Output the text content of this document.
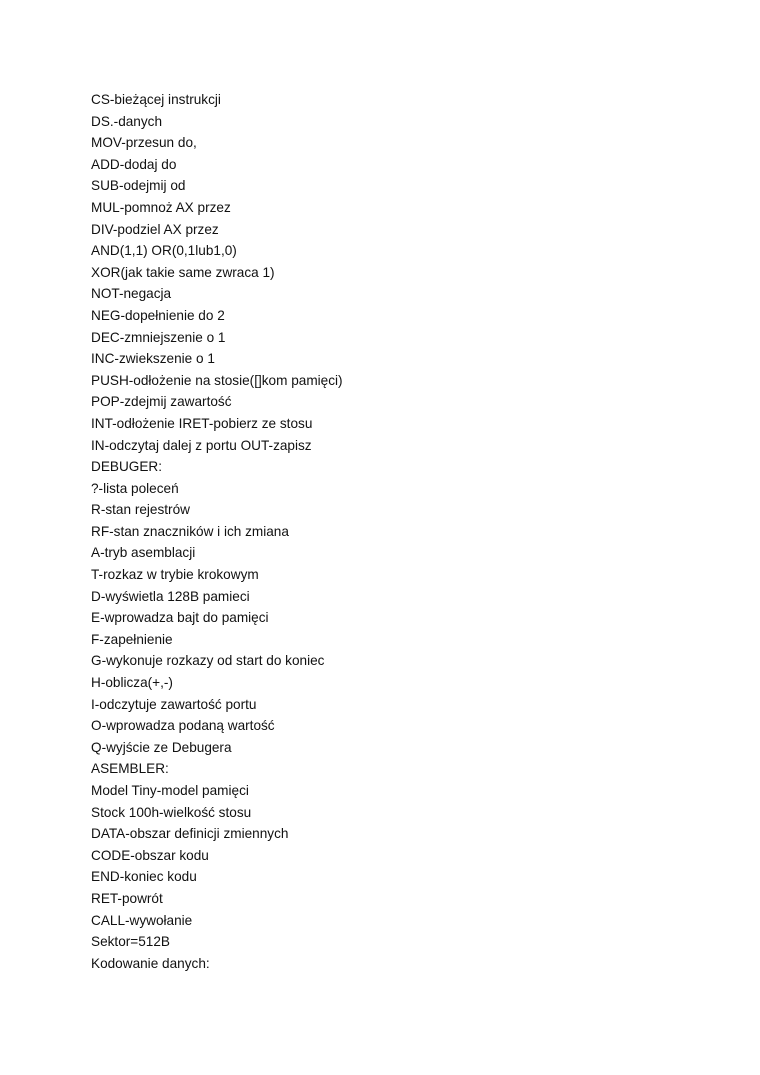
CS-bieżącej instrukcji
DS.-danych
MOV-przesun do,
ADD-dodaj do
SUB-odejmij od
MUL-pomnoż AX przez
DIV-podziel AX przez
AND(1,1) OR(0,1lub1,0)
XOR(jak takie same zwraca 1)
NOT-negacja
NEG-dopełnienie do 2
DEC-zmniejszenie o 1
INC-zwiekszenie o 1
PUSH-odłożenie na stosie([]kom pamięci)
POP-zdejmij zawartość
INT-odłożenie IRET-pobierz ze stosu
IN-odczytaj dalej z portu OUT-zapisz
DEBUGER:
?-lista poleceń
R-stan rejestrów
RF-stan znaczników i ich zmiana
A-tryb asemblacji
T-rozkaz w trybie krokowym
D-wyświetla 128B pamieci
E-wprowadza bajt do pamięci
F-zapełnienie
G-wykonuje rozkazy od start do koniec
H-oblicza(+,-)
I-odczytuje zawartość portu
O-wprowadza podaną wartość
Q-wyjście ze Debugera
ASEMBLER:
Model Tiny-model pamięci
Stock 100h-wielkość stosu
DATA-obszar definicji zmiennych
CODE-obszar kodu
END-koniec kodu
RET-powrót
CALL-wywołanie
Sektor=512B
Kodowanie danych:
